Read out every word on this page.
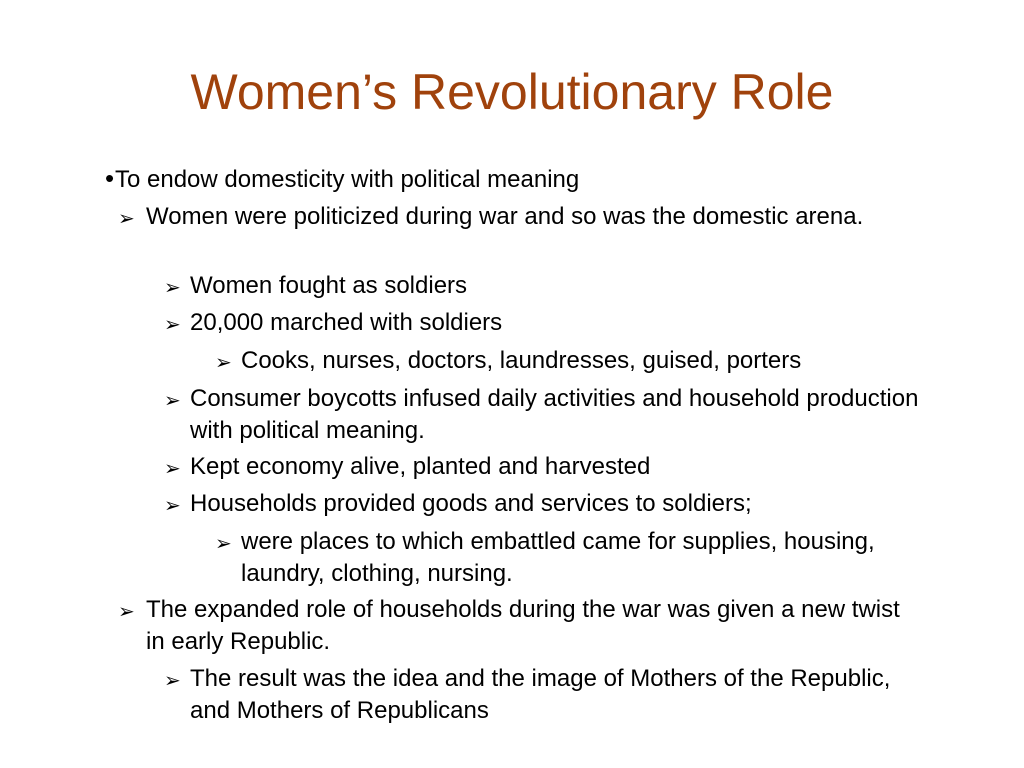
Women’s Revolutionary Role
• To endow domesticity with political meaning
➢ Women were politicized during war and so was the domestic arena.
➢ Women fought as soldiers
➢ 20,000 marched with soldiers
➢ Cooks, nurses, doctors, laundresses, guised, porters
➢ Consumer boycotts infused daily activities and household production with political meaning.
➢ Kept economy alive, planted and harvested
➢ Households provided goods and services to soldiers;
➢ were places to which embattled came for supplies, housing, laundry, clothing, nursing.
➢ The expanded role of households during the war was given a new twist in early Republic.
➢ The result was the idea and the image of Mothers of the Republic, and Mothers of Republicans
